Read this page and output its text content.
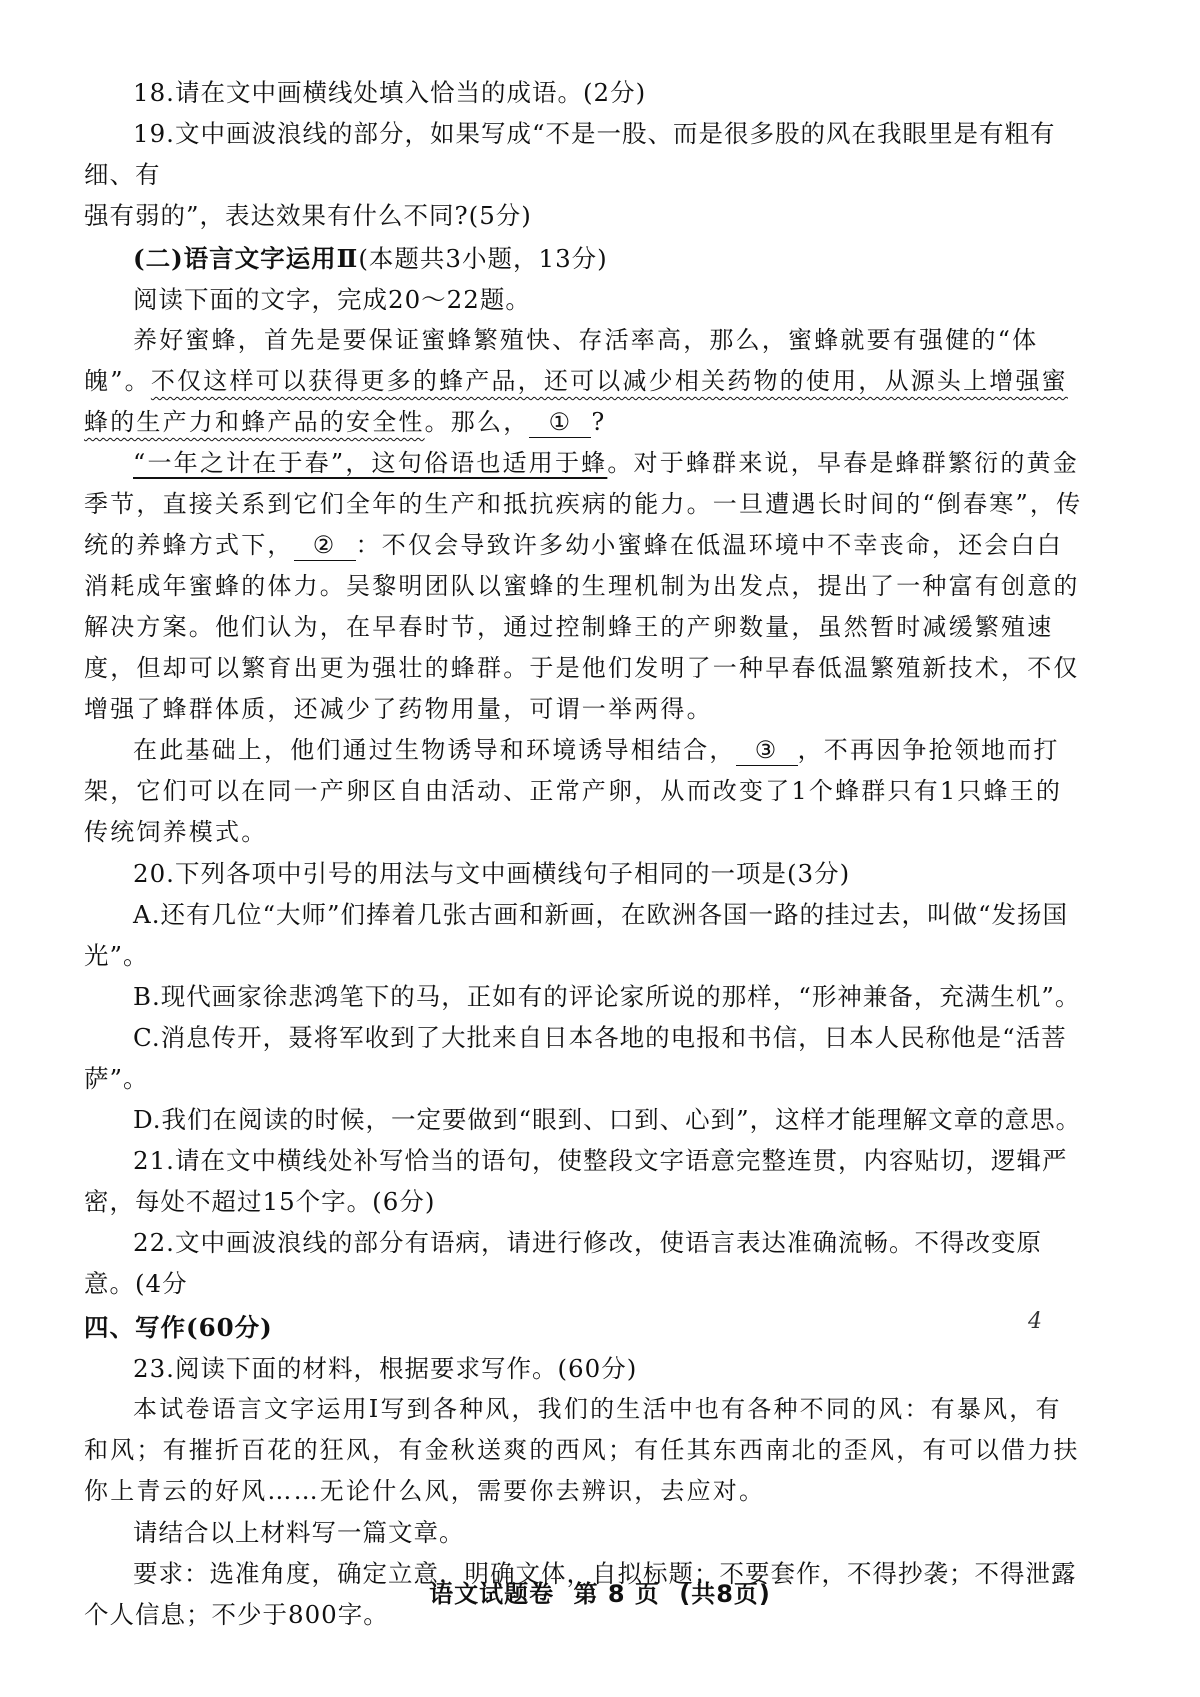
18.请在文中画横线处填入恰当的成语。(2分)

19.文中画波浪线的部分，如果写成“不是一股、而是很多股的风在我眼里是有粗有细、有

强有弱的”，表达效果有什么不同?(5分)

(二)语言文字运用Ⅱ(本题共3小题，13分)

阅读下面的文字，完成20～22题。

养好蜜蜂，首先是要保证蜜蜂繁殖快、存活率高，那么，蜜蜂就要有强健的“体魄”。不仅这样可以获得更多的蜂产品，还可以减少相关药物的使用，从源头上增强蜜蜂的生产力和蜂产品的安全性。那么， ① ?

“一年之计在于春”，这句俗语也适用于蜂。对于蜂群来说，早春是蜂群繁衍的黄金季节，直接关系到它们全年的生产和抵抗疾病的能力。一旦遭遇长时间的“倒春寒”，传统的养蜂方式下， ② ：不仅会导致许多幼小蜜蜂在低温环境中不幸丧命，还会白白消耗成年蜜蜂的体力。吴黎明团队以蜜蜂的生理机制为出发点，提出了一种富有创意的解决方案。他们认为，在早春时节，通过控制蜂王的产卵数量，虽然暂时减缓繁殖速度，但却可以繁育出更为强壮的蜂群。于是他们发明了一种早春低温繁殖新技术，不仅增强了蜂群体质，还减少了药物用量，可谓一举两得。

在此基础上，他们通过生物诱导和环境诱导相结合， ③ ，不再因争抢领地而打架，它们可以在同一产卵区自由活动、正常产卵，从而改变了1个蜂群只有1只蜂王的传统饲养模式。

20.下列各项中引号的用法与文中画横线句子相同的一项是(3分)

A.还有几位“大师”们捧着几张古画和新画，在欧洲各国一路的挂过去，叫做“发扬国光”。

B.现代画家徐悲鸿笔下的马，正如有的评论家所说的那样，“形神兼备，充满生机”。

C.消息传开，聂将军收到了大批来自日本各地的电报和书信，日本人民称他是“活菩萨”。

D.我们在阅读的时候，一定要做到“眼到、口到、心到”，这样才能理解文章的意思。

21.请在文中横线处补写恰当的语句，使整段文字语意完整连贯，内容贴切，逻辑严密，每处不超过15个字。(6分)

22.文中画波浪线的部分有语病，请进行修改，使语言表达准确流畅。不得改变原意。(4分

四、写作(60分)

23.阅读下面的材料，根据要求写作。(60分)

本试卷语言文字运用Ⅰ写到各种风，我们的生活中也有各种不同的风：有暴风，有和风；有摧折百花的狂风，有金秋送爽的西风；有任其东西南北的歪风，有可以借力扶你上青云的好风……无论什么风，需要你去辨识，去应对。

请结合以上材料写一篇文章。

要求：选准角度，确定立意，明确文体，自拟标题；不要套作，不得抄袭；不得泄露个人信息；不少于800字。

4
语文试题卷 第 8 页 (共8页)
